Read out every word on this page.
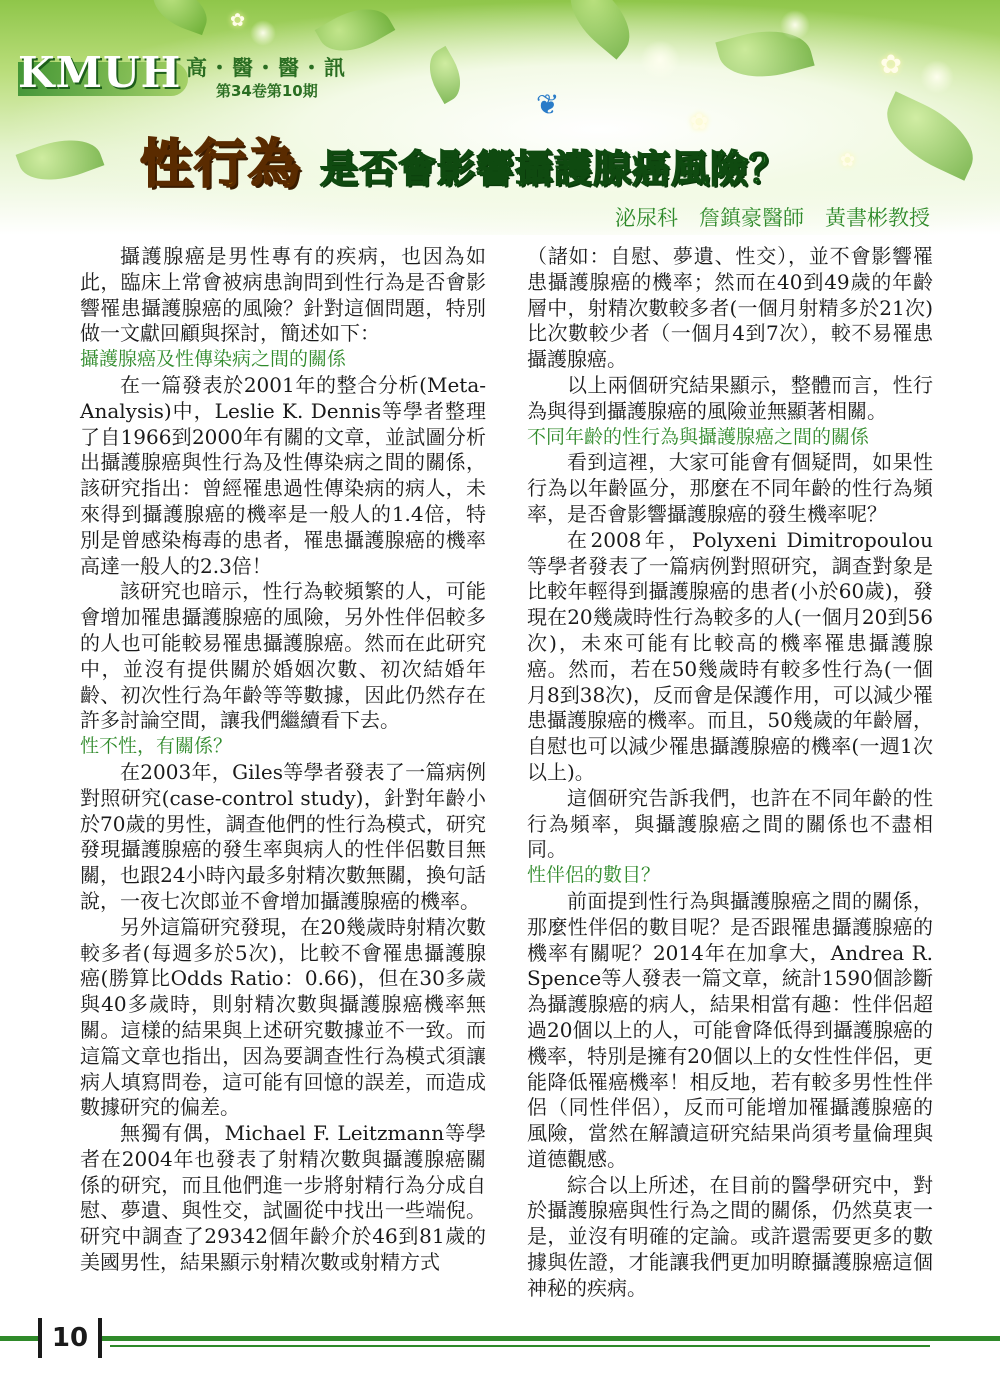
✿
✿
✿
✿
KMUH 高・醫・醫・訊
第34卷第10期	❦
性行為 是否會影響攝護腺癌風險？
泌尿科　詹鎮豪醫師　黃書彬教授

攝護腺癌是男性專有的疾病，也因為如此，臨床上常會被病患詢問到性行為是否會影響罹患攝護腺癌的風險？針對這個問題，特別做一文獻回顧與探討，簡述如下：

攝護腺癌及性傳染病之間的關係

在一篇發表於2001年的整合分析(Meta-Analysis)中，Leslie K. Dennis等學者整理了自1966到2000年有關的文章，並試圖分析出攝護腺癌與性行為及性傳染病之間的關係，該研究指出：曾經罹患過性傳染病的病人，未來得到攝護腺癌的機率是一般人的1.4倍，特別是曾感染梅毒的患者，罹患攝護腺癌的機率高達一般人的2.3倍！

該研究也暗示，性行為較頻繁的人，可能會增加罹患攝護腺癌的風險，另外性伴侶較多的人也可能較易罹患攝護腺癌。然而在此研究中，並沒有提供關於婚姻次數、初次結婚年齡、初次性行為年齡等等數據，因此仍然存在許多討論空間，讓我們繼續看下去。

性不性，有關係？

在2003年，Giles等學者發表了一篇病例對照研究(case-control study)，針對年齡小於70歲的男性，調查他們的性行為模式，研究發現攝護腺癌的發生率與病人的性伴侶數目無關，也跟24小時內最多射精次數無關，換句話說，一夜七次郎並不會增加攝護腺癌的機率。

另外這篇研究發現，在20幾歲時射精次數較多者(每週多於5次)，比較不會罹患攝護腺癌(勝算比Odds Ratio：0.66)，但在30多歲與40多歲時，則射精次數與攝護腺癌機率無關。這樣的結果與上述研究數據並不一致。而這篇文章也指出，因為要調查性行為模式須讓病人填寫問卷，這可能有回憶的誤差，而造成數據研究的偏差。

無獨有偶，Michael F. Leitzmann等學者在2004年也發表了射精次數與攝護腺癌關係的研究，而且他們進一步將射精行為分成自慰、夢遺、與性交，試圖從中找出一些端倪。研究中調查了29342個年齡介於46到81歲的美國男性，結果顯示射精次數或射精方式

（諸如：自慰、夢遺、性交），並不會影響罹患攝護腺癌的機率；然而在40到49歲的年齡層中，射精次數較多者(一個月射精多於21次)比次數較少者（一個月4到7次），較不易罹患攝護腺癌。

以上兩個研究結果顯示，整體而言，性行為與得到攝護腺癌的風險並無顯著相關。

不同年齡的性行為與攝護腺癌之間的關係

看到這裡，大家可能會有個疑問，如果性行為以年齡區分，那麼在不同年齡的性行為頻率，是否會影響攝護腺癌的發生機率呢？

在2008年，Polyxeni Dimitropoulou等學者發表了一篇病例對照研究，調查對象是比較年輕得到攝護腺癌的患者(小於60歲)，發現在20幾歲時性行為較多的人(一個月20到56次)，未來可能有比較高的機率罹患攝護腺癌。然而，若在50幾歲時有較多性行為(一個月8到38次)，反而會是保護作用，可以減少罹患攝護腺癌的機率。而且，50幾歲的年齡層，自慰也可以減少罹患攝護腺癌的機率(一週1次以上)。

這個研究告訴我們，也許在不同年齡的性行為頻率，與攝護腺癌之間的關係也不盡相同。

性伴侶的數目？

前面提到性行為與攝護腺癌之間的關係，那麼性伴侶的數目呢？是否跟罹患攝護腺癌的機率有關呢？2014年在加拿大，Andrea R. Spence等人發表一篇文章，統計1590個診斷為攝護腺癌的病人，結果相當有趣：性伴侶超過20個以上的人，可能會降低得到攝護腺癌的機率，特別是擁有20個以上的女性性伴侶，更能降低罹癌機率！相反地，若有較多男性性伴侶（同性伴侶），反而可能增加罹攝護腺癌的風險，當然在解讀這研究結果尚須考量倫理與道德觀感。

綜合以上所述，在目前的醫學研究中，對於攝護腺癌與性行為之間的關係，仍然莫衷一是，並沒有明確的定論。或許還需要更多的數據與佐證，才能讓我們更加明瞭攝護腺癌這個神秘的疾病。

10
